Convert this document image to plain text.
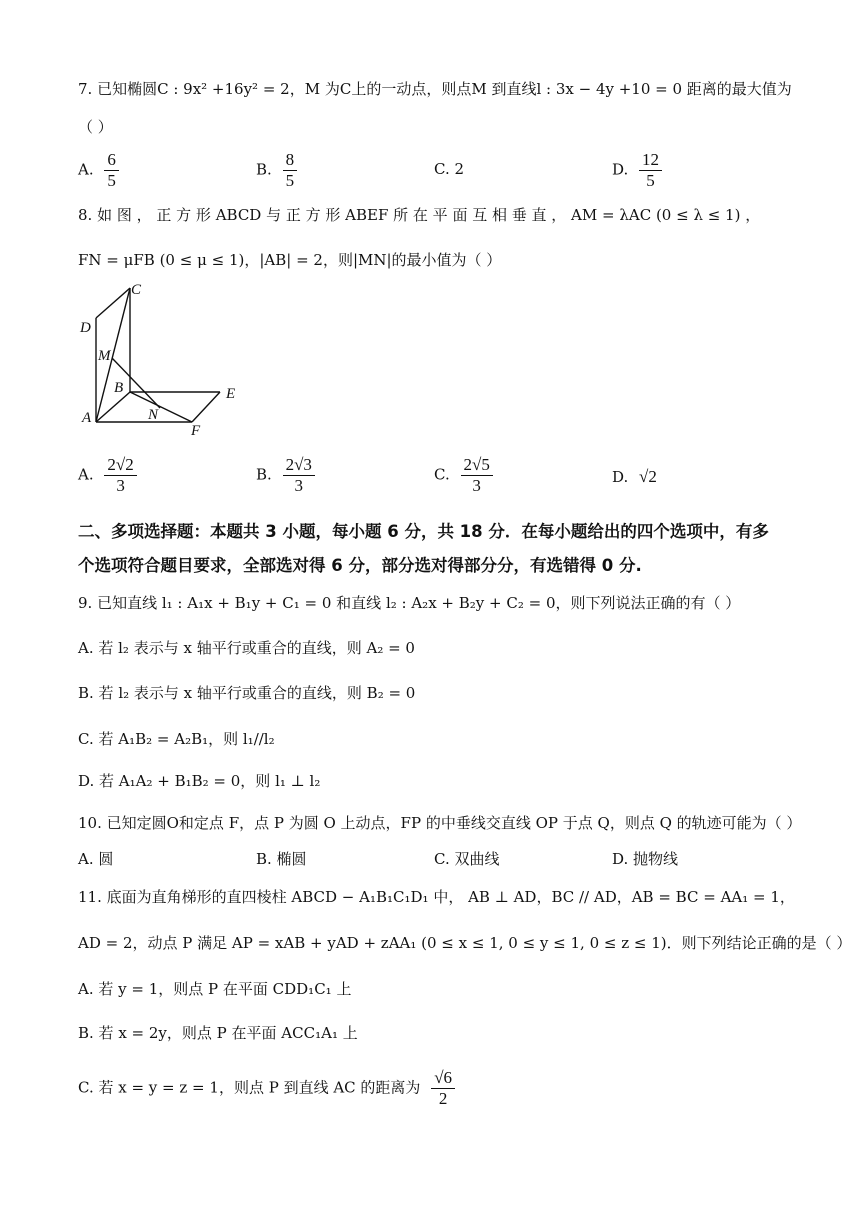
7. 已知椭圆C : 9x² +16y² = 2，M 为C上的一动点，则点M 到直线l : 3x − 4y +10 = 0 距离的最大值为
（ ）
A. $\frac{6}{5}$	B. $\frac{8}{5}$	C. 2	D. $\frac{12}{5}$
8. 如 图 ， 正 方 形 ABCD 与 正 方 形 ABEF 所 在 平 面 互 相 垂 直 ， AM = λAC (0 ≤ λ ≤ 1) ，
FN = μFB (0 ≤ μ ≤ 1)，|AB| = 2，则|MN|的最小值为（ ）
C
D
M
B	E
A	N
F
A. $\frac{2√2}{3}$	B. $\frac{2√3}{3}$	C. $\frac{2√5}{3}$	D. √2
二、多项选择题：本题共 3 小题，每小题 6 分，共 18 分．在每小题给出的四个选项中，有多
个选项符合题目要求，全部选对得 6 分，部分选对得部分分，有选错得 0 分.
9. 已知直线 l₁ : A₁x + B₁y + C₁ = 0 和直线 l₂ : A₂x + B₂y + C₂ = 0，则下列说法正确的有（ ）
A. 若 l₂ 表示与 x 轴平行或重合的直线，则 A₂ = 0
B. 若 l₂ 表示与 x 轴平行或重合的直线，则 B₂ = 0
C. 若 A₁B₂ = A₂B₁，则 l₁//l₂
D. 若 A₁A₂ + B₁B₂ = 0，则 l₁ ⊥ l₂
10. 已知定圆O和定点 F，点 P 为圆 O 上动点，FP 的中垂线交直线 OP 于点 Q，则点 Q 的轨迹可能为（ ）
A. 圆	B. 椭圆	C. 双曲线	D. 抛物线
11. 底面为直角梯形的直四棱柱 ABCD − A₁B₁C₁D₁ 中， AB ⊥ AD，BC // AD，AB = BC = AA₁ = 1，
AD = 2，动点 P 满足 AP = xAB + yAD + zAA₁ (0 ≤ x ≤ 1, 0 ≤ y ≤ 1, 0 ≤ z ≤ 1)．则下列结论正确的是（ ）
A. 若 y = 1，则点 P 在平面 CDD₁C₁ 上
B. 若 x = 2y，则点 P 在平面 ACC₁A₁ 上
C. 若 x = y = z = 1，则点 P 到直线 AC 的距离为 $\frac{√6}{2}$
